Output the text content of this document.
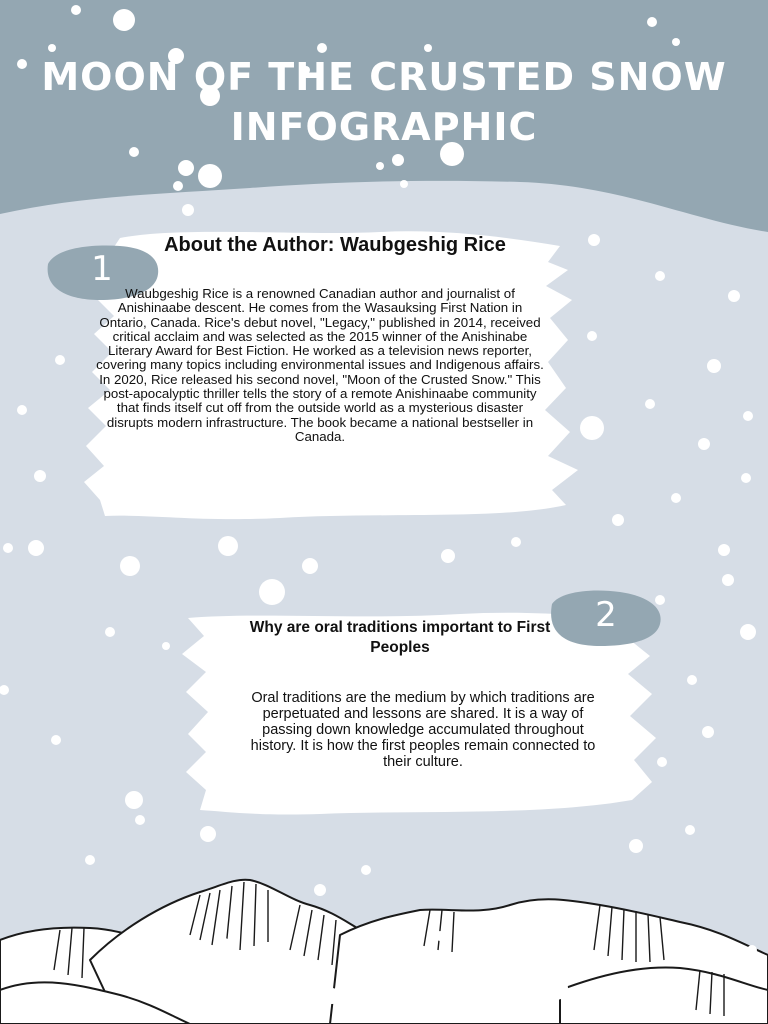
MOON OF THE CRUSTED SNOW INFOGRAPHIC
1
About the Author: Waubgeshig Rice

Waubgeshig Rice is a renowned Canadian author and journalist of Anishinaabe descent. He comes from the Wasauksing First Nation in Ontario, Canada. Rice's debut novel, "Legacy," published in 2014, received critical acclaim and was selected as the 2015 winner of the Anishinabe Literary Award for Best Fiction. He worked as a television news reporter, covering many topics including environmental issues and Indigenous affairs. In 2020, Rice released his second novel, "Moon of the Crusted Snow." This post-apocalyptic thriller tells the story of a remote Anishinaabe community that finds itself cut off from the outside world as a mysterious disaster disrupts modern infrastructure. The book became a national bestseller in Canada.

2
Why are oral traditions important to First Peoples

Oral traditions are the medium by which traditions are perpetuated and lessons are shared. It is a way of passing down knowledge accumulated throughout history. It is how the first peoples remain connected to their culture.
